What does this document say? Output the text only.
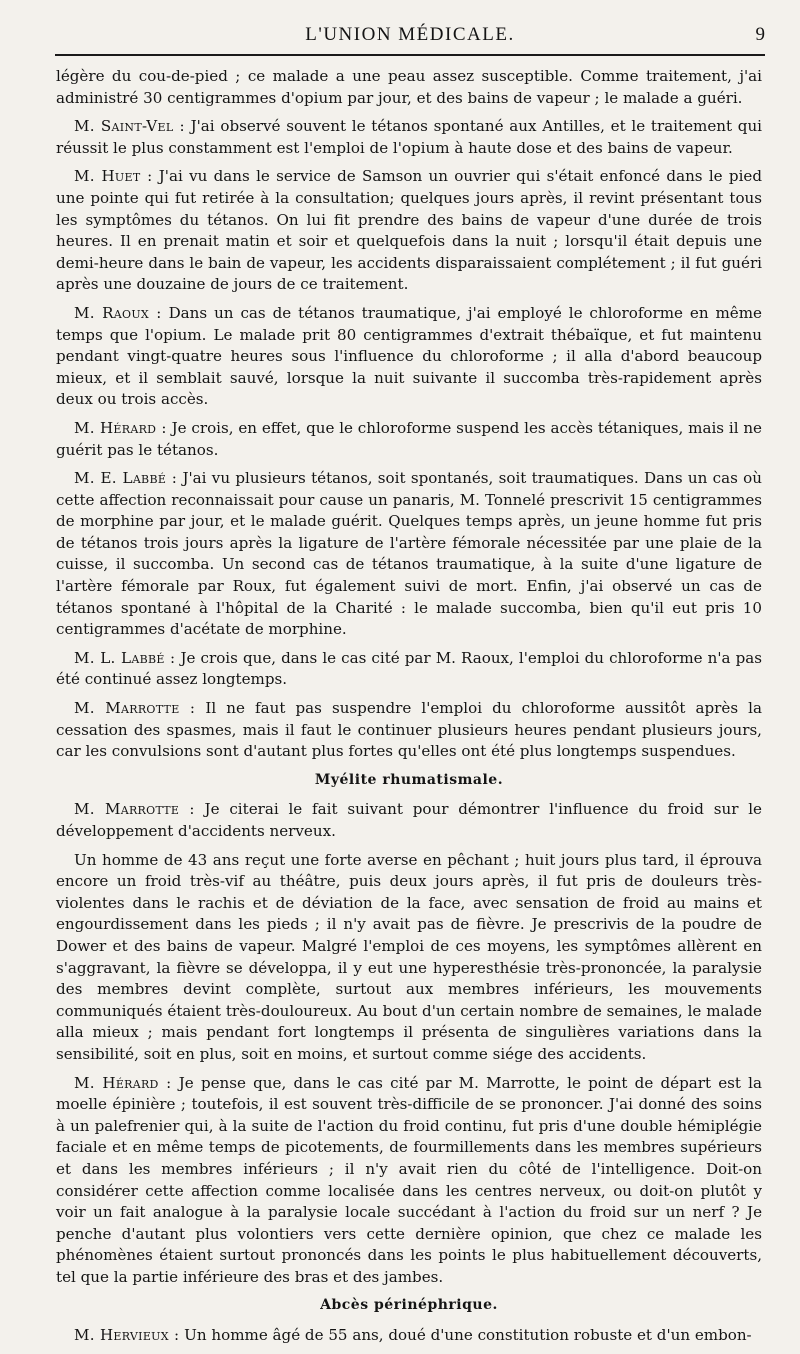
L'UNION MÉDICALE.	9

légère du cou-de-pied ; ce malade a une peau assez susceptible. Comme traitement, j'ai administré 30 centigrammes d'opium par jour, et des bains de vapeur ; le malade a guéri.

M. Saint-Vel : J'ai observé souvent le tétanos spontané aux Antilles, et le traitement qui réussit le plus constamment est l'emploi de l'opium à haute dose et des bains de vapeur.

M. Huet : J'ai vu dans le service de Samson un ouvrier qui s'était enfoncé dans le pied une pointe qui fut retirée à la consultation; quelques jours après, il revint présentant tous les symptômes du tétanos. On lui fit prendre des bains de vapeur d'une durée de trois heures. Il en prenait matin et soir et quelquefois dans la nuit ; lorsqu'il était depuis une demi-heure dans le bain de vapeur, les accidents disparaissaient complétement ; il fut guéri après une douzaine de jours de ce traitement.

M. Raoux : Dans un cas de tétanos traumatique, j'ai employé le chloroforme en même temps que l'opium. Le malade prit 80 centigrammes d'extrait thébaïque, et fut maintenu pendant vingt-quatre heures sous l'influence du chloroforme ; il alla d'abord beaucoup mieux, et il semblait sauvé, lorsque la nuit suivante il succomba très-rapidement après deux ou trois accès.

M. Hérard : Je crois, en effet, que le chloroforme suspend les accès tétaniques, mais il ne guérit pas le tétanos.

M. E. Labbé : J'ai vu plusieurs tétanos, soit spontanés, soit traumatiques. Dans un cas où cette affection reconnaissait pour cause un panaris, M. Tonnelé prescrivit 15 centigrammes de morphine par jour, et le malade guérit. Quelques temps après, un jeune homme fut pris de tétanos trois jours après la ligature de l'artère fémorale nécessitée par une plaie de la cuisse, il succomba. Un second cas de tétanos traumatique, à la suite d'une ligature de l'artère fémorale par Roux, fut également suivi de mort. Enfin, j'ai observé un cas de tétanos spontané à l'hôpital de la Charité : le malade succomba, bien qu'il eut pris 10 centigrammes d'acétate de morphine.

M. L. Labbé : Je crois que, dans le cas cité par M. Raoux, l'emploi du chloroforme n'a pas été continué assez longtemps.

M. Marrotte : Il ne faut pas suspendre l'emploi du chloroforme aussitôt après la cessation des spasmes, mais il faut le continuer plusieurs heures pendant plusieurs jours, car les convulsions sont d'autant plus fortes qu'elles ont été plus longtemps suspendues.

Myélite rhumatismale.

M. Marrotte : Je citerai le fait suivant pour démontrer l'influence du froid sur le développement d'accidents nerveux.

Un homme de 43 ans reçut une forte averse en pêchant ; huit jours plus tard, il éprouva encore un froid très-vif au théâtre, puis deux jours après, il fut pris de douleurs très-violentes dans le rachis et de déviation de la face, avec sensation de froid au mains et engourdissement dans les pieds ; il n'y avait pas de fièvre. Je prescrivis de la poudre de Dower et des bains de vapeur. Malgré l'emploi de ces moyens, les symptômes allèrent en s'aggravant, la fièvre se développa, il y eut une hyperesthésie très-prononcée, la paralysie des membres devint complète, surtout aux membres inférieurs, les mouvements communiqués étaient très-douloureux. Au bout d'un certain nombre de semaines, le malade alla mieux ; mais pendant fort longtemps il présenta de singulières variations dans la sensibilité, soit en plus, soit en moins, et surtout comme siége des accidents.

M. Hérard : Je pense que, dans le cas cité par M. Marrotte, le point de départ est la moelle épinière ; toutefois, il est souvent très-difficile de se prononcer. J'ai donné des soins à un palefrenier qui, à la suite de l'action du froid continu, fut pris d'une double hémiplégie faciale et en même temps de picotements, de fourmillements dans les membres supérieurs et dans les membres inférieurs ; il n'y avait rien du côté de l'intelligence. Doit-on considérer cette affection comme localisée dans les centres nerveux, ou doit-on plutôt y voir un fait analogue à la paralysie locale succédant à l'action du froid sur un nerf ? Je penche d'autant plus volontiers vers cette dernière opinion, que chez ce malade les phénomènes étaient surtout prononcés dans les points le plus habituellement découverts, tel que la partie inférieure des bras et des jambes.

Abcès périnéphrique.

M. Hervieux : Un homme âgé de 55 ans, doué d'une constitution robuste et d'un embon-
